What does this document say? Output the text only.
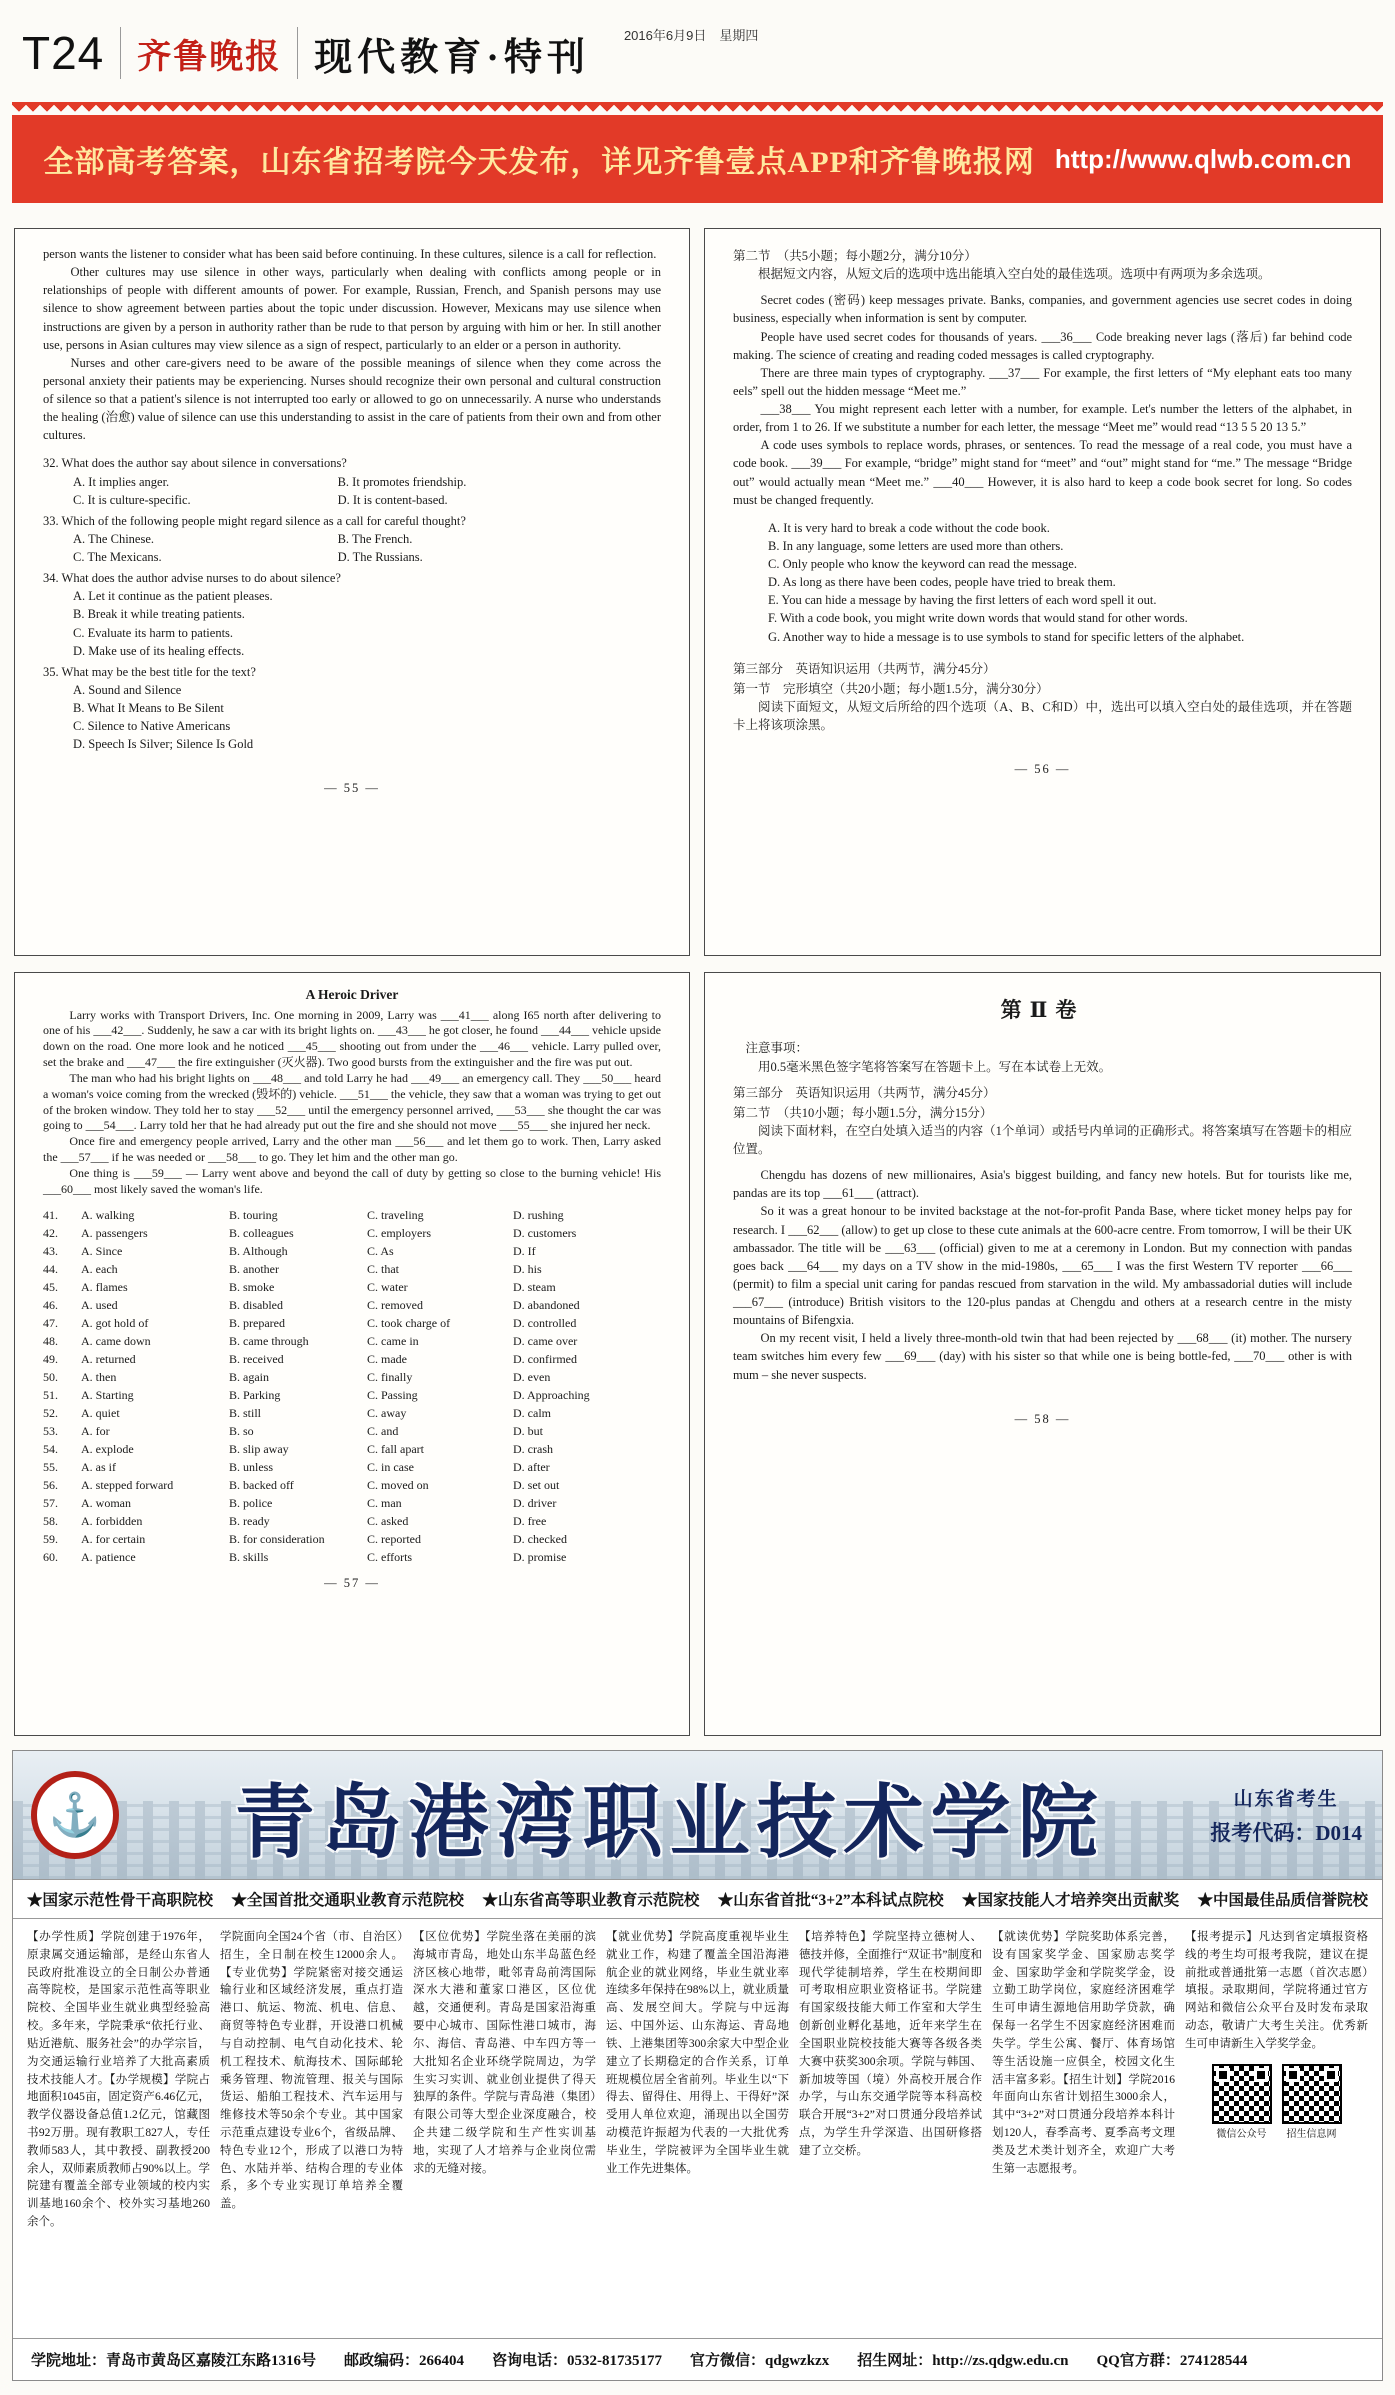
T24 齐鲁晚报 现代教育·特刊
2016年6月9日　星期四
全部高考答案，山东省招考院今天发布，详见齐鲁壹点APP和齐鲁晚报网 http://www.qlwb.com.cn

person wants the listener to consider what has been said before continuing. In these cultures, silence is a call for reflection.

Other cultures may use silence in other ways, particularly when dealing with conflicts among people or in relationships of people with different amounts of power. For example, Russian, French, and Spanish persons may use silence to show agreement between parties about the topic under discussion. However, Mexicans may use silence when instructions are given by a person in authority rather than be rude to that person by arguing with him or her. In still another use, persons in Asian cultures may view silence as a sign of respect, particularly to an elder or a person in authority.

Nurses and other care-givers need to be aware of the possible meanings of silence when they come across the personal anxiety their patients may be experiencing. Nurses should recognize their own personal and cultural construction of silence so that a patient's silence is not interrupted too early or allowed to go on unnecessarily. A nurse who understands the healing (治愈) value of silence can use this understanding to assist in the care of patients from their own and from other cultures.

32. What does the author say about silence in conversations?

A. It implies anger.	B. It promotes friendship.
C. It is culture-specific.	D. It is content-based.

33. Which of the following people might regard silence as a call for careful thought?

A. The Chinese.	B. The French.
C. The Mexicans.	D. The Russians.

34. What does the author advise nurses to do about silence?

A. Let it continue as the patient pleases.

B. Break it while treating patients.

C. Evaluate its harm to patients.

D. Make use of its healing effects.

35. What may be the best title for the text?

A. Sound and Silence

B. What It Means to Be Silent

C. Silence to Native Americans

D. Speech Is Silver; Silence Is Gold

— 55 —

第二节　（共5小题；每小题2分，满分10分）

根据短文内容，从短文后的选项中选出能填入空白处的最佳选项。选项中有两项为多余选项。

Secret codes (密码) keep messages private. Banks, companies, and government agencies use secret codes in doing business, especially when information is sent by computer.

People have used secret codes for thousands of years. ___36___ Code breaking never lags (落后) far behind code making. The science of creating and reading coded messages is called cryptography.

There are three main types of cryptography. ___37___ For example, the first letters of “My elephant eats too many eels” spell out the hidden message “Meet me.”

___38___ You might represent each letter with a number, for example. Let's number the letters of the alphabet, in order, from 1 to 26. If we substitute a number for each letter, the message “Meet me” would read “13 5 5 20 13 5.”

A code uses symbols to replace words, phrases, or sentences. To read the message of a real code, you must have a code book. ___39___ For example, “bridge” might stand for “meet” and “out” might stand for “me.” The message “Bridge out” would actually mean “Meet me.” ___40___ However, it is also hard to keep a code book secret for long. So codes must be changed frequently.

A. It is very hard to break a code without the code book.

B. In any language, some letters are used more than others.

C. Only people who know the keyword can read the message.

D. As long as there have been codes, people have tried to break them.

E. You can hide a message by having the first letters of each word spell it out.

F. With a code book, you might write down words that would stand for other words.

G. Another way to hide a message is to use symbols to stand for specific letters of the alphabet.

第三部分　英语知识运用（共两节，满分45分）

第一节　完形填空（共20小题；每小题1.5分，满分30分）

阅读下面短文，从短文后所给的四个选项（A、B、C和D）中，选出可以填入空白处的最佳选项，并在答题卡上将该项涂黑。

— 56 —

A Heroic Driver

Larry works with Transport Drivers, Inc. One morning in 2009, Larry was ___41___ along I65 north after delivering to one of his ___42___. Suddenly, he saw a car with its bright lights on. ___43___ he got closer, he found ___44___ vehicle upside down on the road. One more look and he noticed ___45___ shooting out from under the ___46___ vehicle. Larry pulled over, set the brake and ___47___ the fire extinguisher (灭火器). Two good bursts from the extinguisher and the fire was put out.

The man who had his bright lights on ___48___ and told Larry he had ___49___ an emergency call. They ___50___ heard a woman's voice coming from the wrecked (毁坏的) vehicle. ___51___ the vehicle, they saw that a woman was trying to get out of the broken window. They told her to stay ___52___ until the emergency personnel arrived, ___53___ she thought the car was going to ___54___. Larry told her that he had already put out the fire and she should not move ___55___ she injured her neck.

Once fire and emergency people arrived, Larry and the other man ___56___ and let them go to work. Then, Larry asked the ___57___ if he was needed or ___58___ to go. They let him and the other man go.

One thing is ___59___ — Larry went above and beyond the call of duty by getting so close to the burning vehicle! His ___60___ most likely saved the woman's life.

41.	A. walking	B. touring	C. traveling	D. rushing
42.	A. passengers	B. colleagues	C. employers	D. customers
43.	A. Since	B. Although	C. As	D. If
44.	A. each	B. another	C. that	D. his
45.	A. flames	B. smoke	C. water	D. steam
46.	A. used	B. disabled	C. removed	D. abandoned
47.	A. got hold of	B. prepared	C. took charge of	D. controlled
48.	A. came down	B. came through	C. came in	D. came over
49.	A. returned	B. received	C. made	D. confirmed
50.	A. then	B. again	C. finally	D. even
51.	A. Starting	B. Parking	C. Passing	D. Approaching
52.	A. quiet	B. still	C. away	D. calm
53.	A. for	B. so	C. and	D. but
54.	A. explode	B. slip away	C. fall apart	D. crash
55.	A. as if	B. unless	C. in case	D. after
56.	A. stepped forward	B. backed off	C. moved on	D. set out
57.	A. woman	B. police	C. man	D. driver
58.	A. forbidden	B. ready	C. asked	D. free
59.	A. for certain	B. for consideration	C. reported	D. checked
60.	A. patience	B. skills	C. efforts	D. promise
— 57 —

第Ⅱ卷

注意事项：

用0.5毫米黑色签字笔将答案写在答题卡上。写在本试卷上无效。

第三部分　英语知识运用（共两节，满分45分）

第二节　（共10小题；每小题1.5分，满分15分）

阅读下面材料，在空白处填入适当的内容（1个单词）或括号内单词的正确形式。将答案填写在答题卡的相应位置。

Chengdu has dozens of new millionaires, Asia's biggest building, and fancy new hotels. But for tourists like me, pandas are its top ___61___ (attract).

So it was a great honour to be invited backstage at the not-for-profit Panda Base, where ticket money helps pay for research. I ___62___ (allow) to get up close to these cute animals at the 600-acre centre. From tomorrow, I will be their UK ambassador. The title will be ___63___ (official) given to me at a ceremony in London. But my connection with pandas goes back ___64___ my days on a TV show in the mid-1980s, ___65___ I was the first Western TV reporter ___66___ (permit) to film a special unit caring for pandas rescued from starvation in the wild. My ambassadorial duties will include ___67___ (introduce) British visitors to the 120-plus pandas at Chengdu and others at a research centre in the misty mountains of Bifengxia.

On my recent visit, I held a lively three-month-old twin that had been rejected by ___68___ (it) mother. The nursery team switches him every few ___69___ (day) with his sister so that while one is being bottle-fed, ___70___ other is with mum – she never suspects.

— 58 —
⚓	青岛港湾职业技术学院	山东省考生
报考代码：D014
★国家示范性骨干高职院校 ★全国首批交通职业教育示范院校 ★山东省高等职业教育示范院校 ★山东省首批“3+2”本科试点院校 ★国家技能人才培养突出贡献奖 ★中国最佳品质信誉院校
【办学性质】学院创建于1976年，原隶属交通运输部，是经山东省人民政府批准设立的全日制公办普通高等院校，是国家示范性高等职业院校、全国毕业生就业典型经验高校。多年来，学院秉承“依托行业、贴近港航、服务社会”的办学宗旨，为交通运输行业培养了大批高素质技术技能人才。【办学规模】学院占地面积1045亩，固定资产6.46亿元，教学仪器设备总值1.2亿元，馆藏图书92万册。现有教职工827人，专任教师583人，其中教授、副教授200余人，双师素质教师占90%以上。学院建有覆盖全部专业领域的校内实训基地160余个、校外实习基地260余个。
学院面向全国24个省（市、自治区）招生，全日制在校生12000余人。【专业优势】学院紧密对接交通运输行业和区域经济发展，重点打造港口、航运、物流、机电、信息、商贸等特色专业群，开设港口机械与自动控制、电气自动化技术、轮机工程技术、航海技术、国际邮轮乘务管理、物流管理、报关与国际货运、船舶工程技术、汽车运用与维修技术等50余个专业。其中国家示范重点建设专业6个，省级品牌、特色专业12个，形成了以港口为特色、水陆并举、结构合理的专业体系，多个专业实现订单培养全覆盖。
【区位优势】学院坐落在美丽的滨海城市青岛，地处山东半岛蓝色经济区核心地带，毗邻青岛前湾国际深水大港和董家口港区，区位优越，交通便利。青岛是国家沿海重要中心城市、国际性港口城市，海尔、海信、青岛港、中车四方等一大批知名企业环绕学院周边，为学生实习实训、就业创业提供了得天独厚的条件。学院与青岛港（集团）有限公司等大型企业深度融合，校企共建二级学院和生产性实训基地，实现了人才培养与企业岗位需求的无缝对接。
【就业优势】学院高度重视毕业生就业工作，构建了覆盖全国沿海港航企业的就业网络，毕业生就业率连续多年保持在98%以上，就业质量高、发展空间大。学院与中远海运、中国外运、山东海运、青岛地铁、上港集团等300余家大中型企业建立了长期稳定的合作关系，订单班规模位居全省前列。毕业生以“下得去、留得住、用得上、干得好”深受用人单位欢迎，涌现出以全国劳动模范许振超为代表的一大批优秀毕业生，学院被评为全国毕业生就业工作先进集体。
【培养特色】学院坚持立德树人、德技并修，全面推行“双证书”制度和现代学徒制培养，学生在校期间即可考取相应职业资格证书。学院建有国家级技能大师工作室和大学生创新创业孵化基地，近年来学生在全国职业院校技能大赛等各级各类大赛中获奖300余项。学院与韩国、新加坡等国（境）外高校开展合作办学，与山东交通学院等本科高校联合开展“3+2”对口贯通分段培养试点，为学生升学深造、出国研修搭建了立交桥。
【就读优势】学院奖助体系完善，设有国家奖学金、国家励志奖学金、国家助学金和学院奖学金，设立勤工助学岗位，家庭经济困难学生可申请生源地信用助学贷款，确保每一名学生不因家庭经济困难而失学。学生公寓、餐厅、体育场馆等生活设施一应俱全，校园文化生活丰富多彩。【招生计划】学院2016年面向山东省计划招生3000余人，其中“3+2”对口贯通分段培养本科计划120人，春季高考、夏季高考文理类及艺术类计划齐全，欢迎广大考生第一志愿报考。
【报考提示】凡达到省定填报资格线的考生均可报考我院，建议在提前批或普通批第一志愿（首次志愿）填报。录取期间，学院将通过官方网站和微信公众平台及时发布录取动态，敬请广大考生关注。优秀新生可申请新生入学奖学金。
微信公众号	招生信息网
学院地址：青岛市黄岛区嘉陵江东路1316号 邮政编码：266404 咨询电话：0532-81735177 官方微信：qdgwzkzx 招生网址：http://zs.qdgw.edu.cn QQ官方群：274128544
